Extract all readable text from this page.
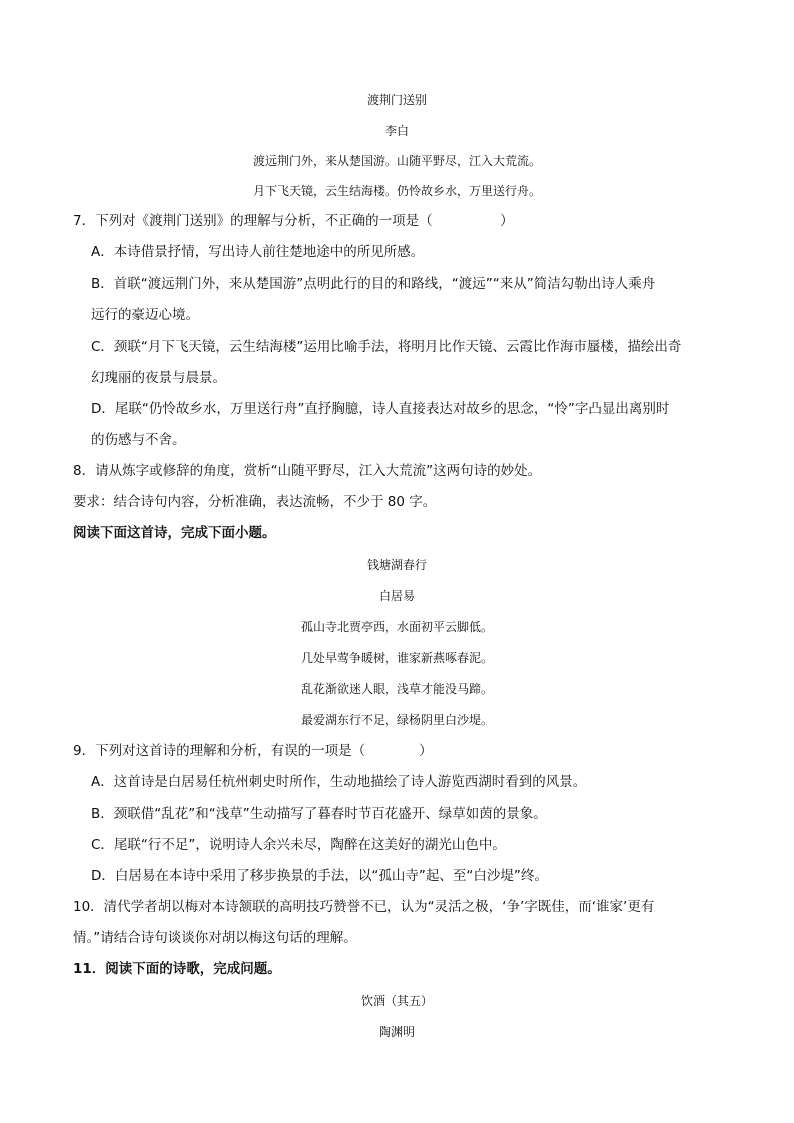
渡荆门送别
李白
渡远荆门外，来从楚国游。山随平野尽，江入大荒流。
月下飞天镜，云生结海楼。仍怜故乡水，万里送行舟。
7．下列对《渡荆门送别》的理解与分析，不正确的一项是（　　　　　）
A．本诗借景抒情，写出诗人前往楚地途中的所见所感。
B．首联“渡远荆门外，来从楚国游”点明此行的目的和路线，“渡远”“来从”简洁勾勒出诗人乘舟
远行的豪迈心境。
C．颈联“月下飞天镜，云生结海楼”运用比喻手法，将明月比作天镜、云霞比作海市蜃楼，描绘出奇
幻瑰丽的夜景与晨景。
D．尾联“仍怜故乡水，万里送行舟”直抒胸臆，诗人直接表达对故乡的思念，“怜”字凸显出离别时
的伤感与不舍。
8．请从炼字或修辞的角度，赏析“山随平野尽，江入大荒流”这两句诗的妙处。
要求：结合诗句内容，分析准确，表达流畅，不少于 80 字。
阅读下面这首诗，完成下面小题。
钱塘湖春行
白居易
孤山寺北贾亭西，水面初平云脚低。
几处早莺争暖树，谁家新燕啄春泥。
乱花渐欲迷人眼，浅草才能没马蹄。
最爱湖东行不足，绿杨阴里白沙堤。
9．下列对这首诗的理解和分析，有误的一项是（　　　　）
A．这首诗是白居易任杭州刺史时所作，生动地描绘了诗人游览西湖时看到的风景。
B．颈联借“乱花”和“浅草”生动描写了暮春时节百花盛开、绿草如茵的景象。
C．尾联“行不足”，说明诗人余兴未尽，陶醉在这美好的湖光山色中。
D．白居易在本诗中采用了移步换景的手法，以“孤山寺”起、至“白沙堤”终。
10．清代学者胡以梅对本诗颔联的高明技巧赞誉不已，认为“灵活之极，‘争’字既佳，而‘谁家’更有
情。”请结合诗句谈谈你对胡以梅这句话的理解。
11．阅读下面的诗歌，完成问题。
饮酒（其五）
陶渊明
